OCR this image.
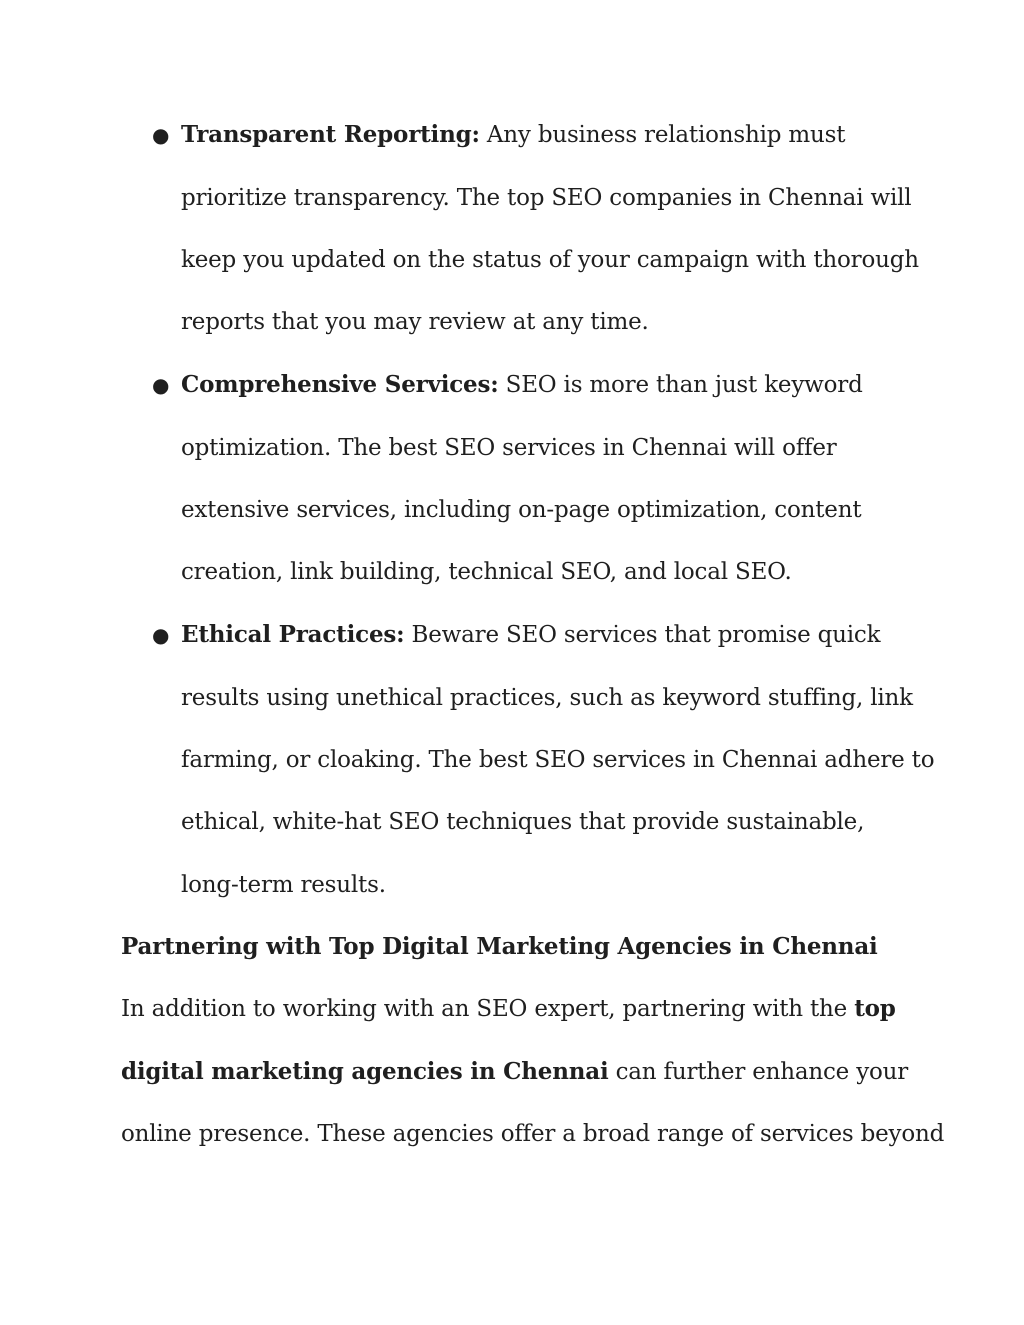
● Transparent Reporting: Any business relationship must
prioritize transparency. The top SEO companies in Chennai will
keep you updated on the status of your campaign with thorough
reports that you may review at any time.
● Comprehensive Services: SEO is more than just keyword
optimization. The best SEO services in Chennai will offer
extensive services, including on-page optimization, content
creation, link building, technical SEO, and local SEO.
● Ethical Practices: Beware SEO services that promise quick
results using unethical practices, such as keyword stuffing, link
farming, or cloaking. The best SEO services in Chennai adhere to
ethical, white-hat SEO techniques that provide sustainable,
long-term results.
Partnering with Top Digital Marketing Agencies in Chennai
In addition to working with an SEO expert, partnering with the top
digital marketing agencies in Chennai can further enhance your
online presence. These agencies offer a broad range of services beyond
